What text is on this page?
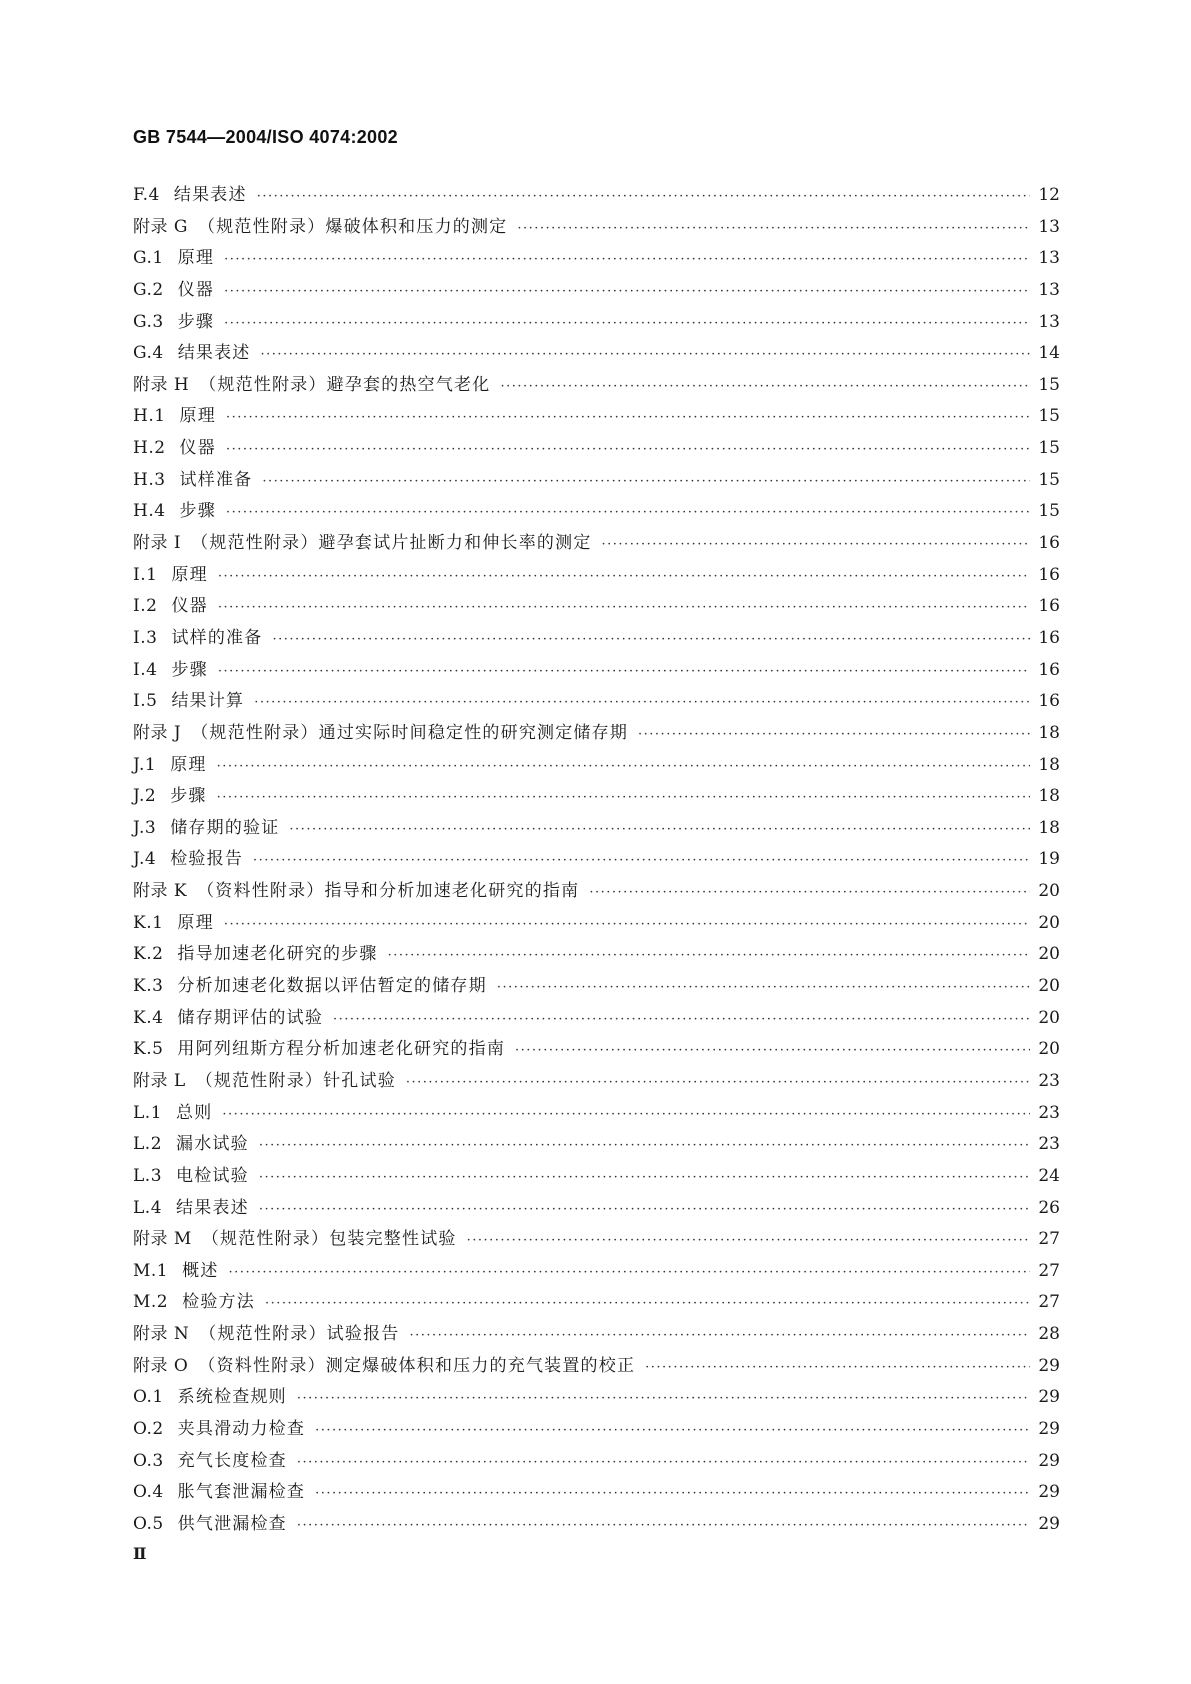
GB 7544—2004/ISO 4074:2002
F.4 结果表述 ·····	12
附录 G （规范性附录）爆破体积和压力的测定 ·····	13
G.1 原理 ·····	13
G.2 仪器 ·····	13
G.3 步骤 ·····	13
G.4 结果表述 ·····	14
附录 H （规范性附录）避孕套的热空气老化 ·····	15
H.1 原理 ·····	15
H.2 仪器 ·····	15
H.3 试样准备 ·····	15
H.4 步骤 ·····	15
附录 I （规范性附录）避孕套试片扯断力和伸长率的测定 ·····	16
I.1 原理 ·····	16
I.2 仪器 ·····	16
I.3 试样的准备 ·····	16
I.4 步骤 ·····	16
I.5 结果计算 ·····	16
附录 J （规范性附录）通过实际时间稳定性的研究测定储存期 ·····	18
J.1 原理 ·····	18
J.2 步骤 ·····	18
J.3 储存期的验证 ·····	18
J.4 检验报告 ·····	19
附录 K （资料性附录）指导和分析加速老化研究的指南 ·····	20
K.1 原理 ·····	20
K.2 指导加速老化研究的步骤 ·····	20
K.3 分析加速老化数据以评估暂定的储存期 ·····	20
K.4 储存期评估的试验 ·····	20
K.5 用阿列纽斯方程分析加速老化研究的指南 ·····	20
附录 L （规范性附录）针孔试验 ·····	23
L.1 总则 ·····	23
L.2 漏水试验 ·····	23
L.3 电检试验 ·····	24
L.4 结果表述 ·····	26
附录 M （规范性附录）包装完整性试验 ·····	27
M.1 概述 ·····	27
M.2 检验方法 ·····	27
附录 N （规范性附录）试验报告 ·····	28
附录 O （资料性附录）测定爆破体积和压力的充气装置的校正 ·····	29
O.1 系统检查规则 ·····	29
O.2 夹具滑动力检查 ·····	29
O.3 充气长度检查 ·····	29
O.4 胀气套泄漏检查 ·····	29
O.5 供气泄漏检查 ·····	29
Ⅱ
